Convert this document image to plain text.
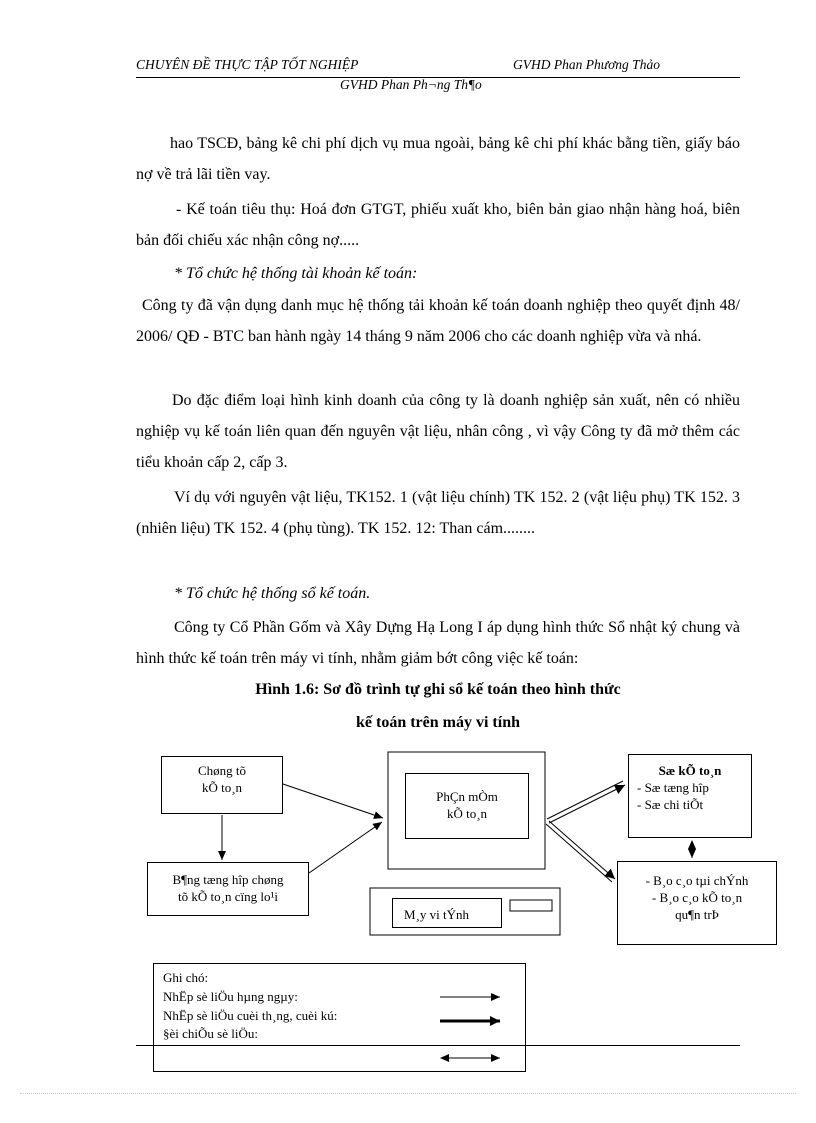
CHUYÊN ĐỀ THỰC TẬP TỐT NGHIỆP	GVHD Phan Phương Thảo
GVHD Phan Ph¬ng Th¶o

hao TSCĐ, bảng kê chi phí dịch vụ mua ngoài, bảng kê chi phí khác bằng tiền, giấy báo nợ về trả lãi tiền vay.

- Kế toán tiêu thụ: Hoá đơn GTGT, phiếu xuất kho, biên bản giao nhận hàng hoá, biên bản đối chiếu xác nhận công nợ.....

* Tổ chức hệ thống tài khoản kế toán:

Công ty đã vận dụng danh mục hệ thống tải khoản kế toán doanh nghiệp theo quyết định 48/ 2006/ QĐ - BTC ban hành ngày 14 tháng 9 năm 2006 cho các doanh nghiệp vừa và nhá.

Do đặc điểm loại hình kinh doanh của công ty là doanh nghiệp sản xuất, nên có nhiều nghiệp vụ kế toán liên quan đến nguyên vật liệu, nhân công , vì vậy Công ty đã mở thêm các tiểu khoản cấp 2, cấp 3.

Ví dụ với nguyên vật liệu, TK152. 1 (vật liệu chính) TK 152. 2 (vật liệu phụ) TK 152. 3 (nhiên liệu) TK 152. 4 (phụ tùng). TK 152. 12: Than cám........

* Tổ chức hệ thống sổ kế toán.

Công ty Cổ Phần Gốm và Xây Dựng Hạ Long I áp dụng hình thức Sổ nhật ký chung và hình thức kế toán trên máy vi tính, nhằm giảm bớt công việc kế toán:

Hình 1.6: Sơ đồ trình tự ghi sổ kế toán theo hình thức
kế toán trên máy vi tính
Chøng tõ
kÕ to¸n
B¶ng tæng hîp chøng
tõ kÕ to¸n cïng lo¹i
PhÇn mÒm
kÕ to¸n
M¸y vi tÝnh
Sæ kÕ to¸n
- Sæ tæng hîp
- Sæ chi tiÕt
- B¸o c¸o tµi chÝnh
- B¸o c¸o kÕ to¸n
qu¶n trÞ
Ghi chó:
NhËp sè liÖu hµng ngµy:
NhËp sè liÖu cuèi th¸ng, cuèi kú:
§èi chiÕu sè liÖu:
